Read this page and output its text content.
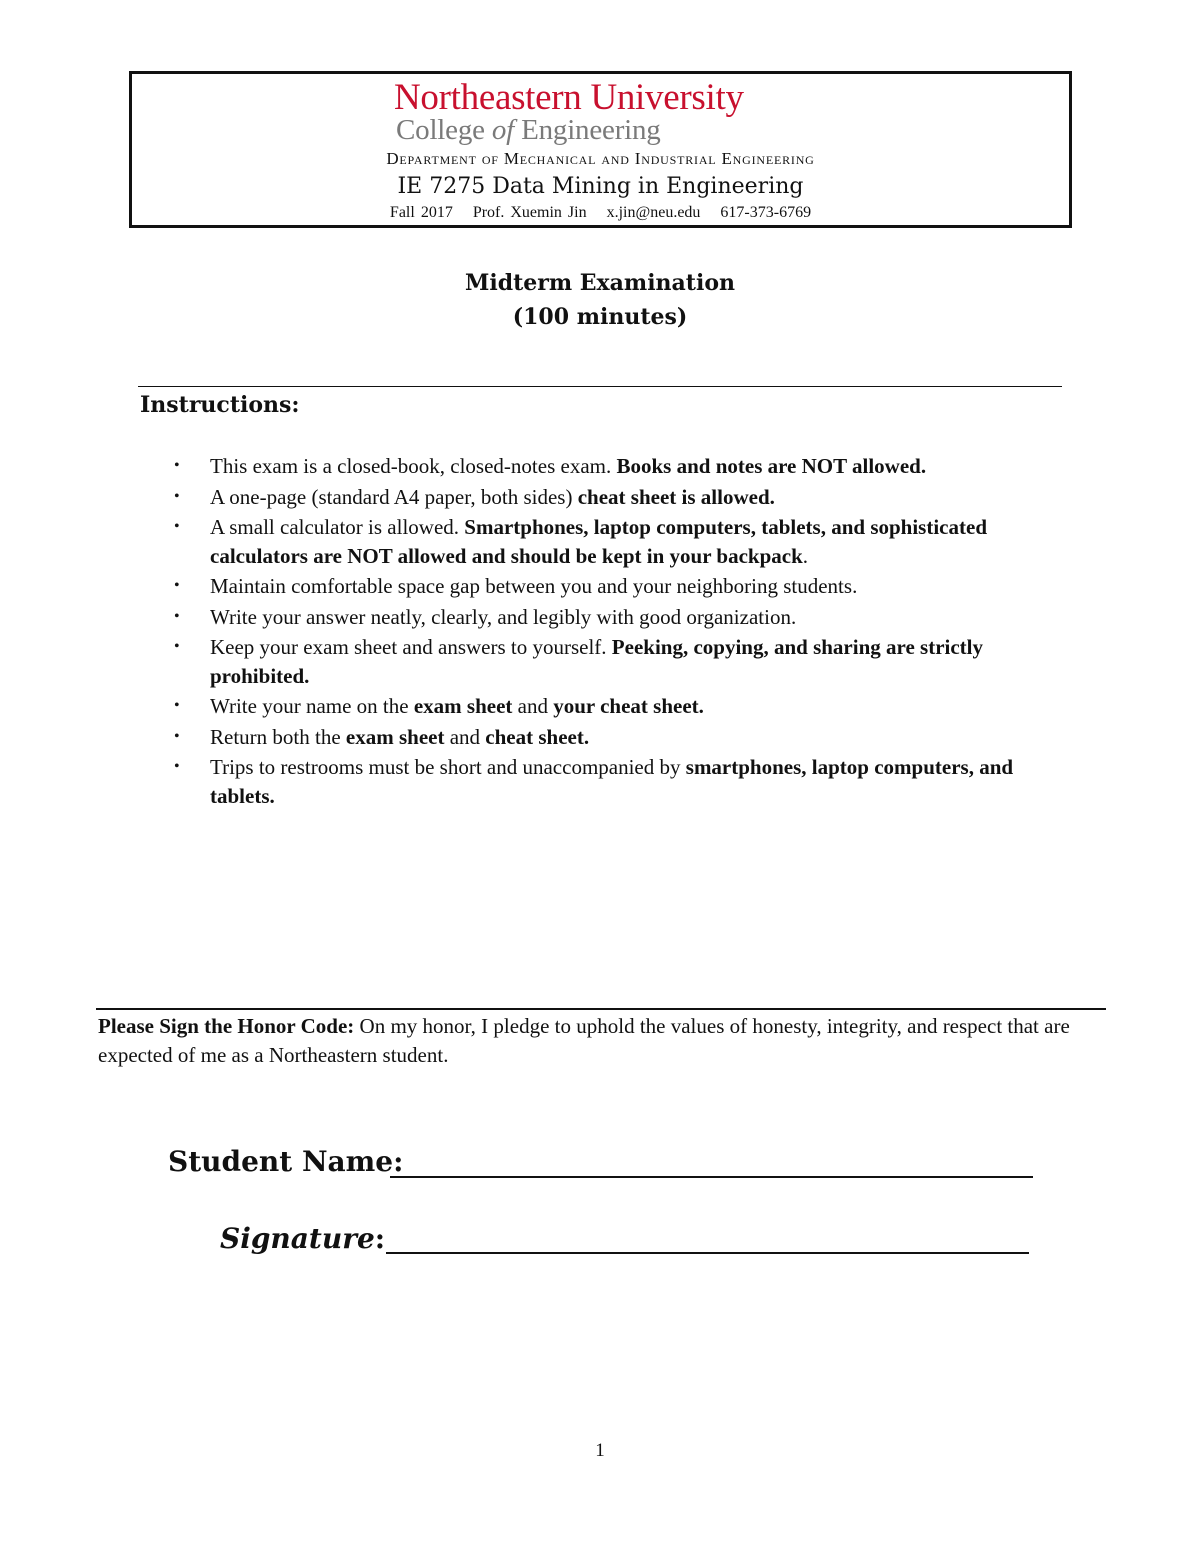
Northeastern University
College of Engineering
Department of Mechanical and Industrial Engineering
IE 7275 Data Mining in Engineering
Fall 2017 Prof. Xuemin Jin x.jin@neu.edu 617-373-6769
Midterm Examination
(100 minutes)
Instructions:
• This exam is a closed-book, closed-notes exam. Books and notes are NOT allowed.
• A one-page (standard A4 paper, both sides) cheat sheet is allowed.
• A small calculator is allowed. Smartphones, laptop computers, tablets, and sophisticated calculators are NOT allowed and should be kept in your backpack.
• Maintain comfortable space gap between you and your neighboring students.
• Write your answer neatly, clearly, and legibly with good organization.
• Keep your exam sheet and answers to yourself. Peeking, copying, and sharing are strictly prohibited.
• Write your name on the exam sheet and your cheat sheet.
• Return both the exam sheet and cheat sheet.
• Trips to restrooms must be short and unaccompanied by smartphones, laptop computers, and tablets.
Please Sign the Honor Code: On my honor, I pledge to uphold the values of honesty, integrity, and respect that are expected of me as a Northeastern student.
Student Name:
Signature:
1
